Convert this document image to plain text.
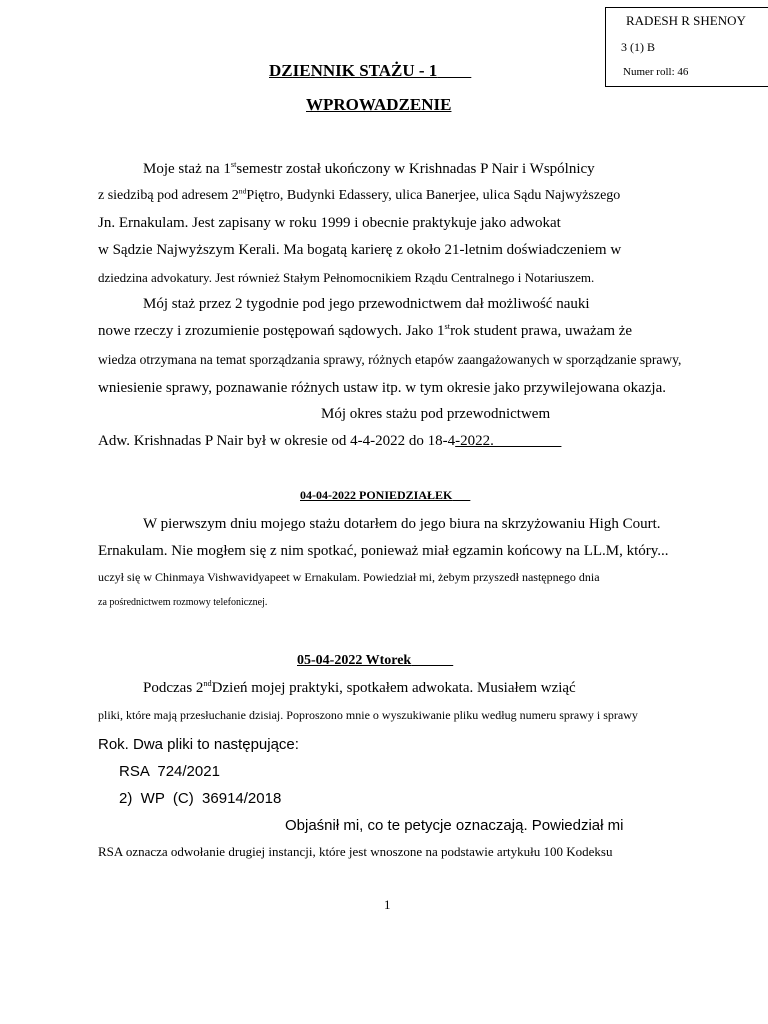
RADESH R SHENOY
3 (1) B
Numer roll: 46
DZIENNIK STAŻU - 1
WPROWADZENIE
Moje staż na 1stsemestr został ukończony w Krishnadas P Nair i Wspólnicy
z siedzibą pod adresem 2ndPiętro, Budynki Edassery, ulica Banerjee, ulica Sądu Najwyższego
Jn. Ernakulam. Jest zapisany w roku 1999 i obecnie praktykuje jako adwokat
w Sądzie Najwyższym Kerali. Ma bogatą karierę z około 21-letnim doświadczeniem w
dziedzina advokatury. Jest również Stałym Pełnomocnikiem Rządu Centralnego i Notariuszem.
Mój staż przez 2 tygodnie pod jego przewodnictwem dał możliwość nauki
nowe rzeczy i zrozumienie postępowań sądowych. Jako 1strok student prawa, uważam że
wiedza otrzymana na temat sporządzania sprawy, różnych etapów zaangażowanych w sporządzanie sprawy,
wniesienie sprawy, poznawanie różnych ustaw itp. w tym okresie jako przywilejowana okazja.
Mój okres stażu pod przewodnictwem
Adw. Krishnadas P Nair był w okresie od 4-4-2022 do 18-4-2022.
04-04-2022 PONIEDZIAŁEK
W pierwszym dniu mojego stażu dotarłem do jego biura na skrzyżowaniu High Court.
Ernakulam. Nie mogłem się z nim spotkać, ponieważ miał egzamin końcowy na LL.M, który...
uczył się w Chinmaya Vishwavidyapeet w Ernakulam. Powiedział mi, żebym przyszedł następnego dnia
za pośrednictwem rozmowy telefonicznej.
05-04-2022 Wtorek
Podczas 2ndDzień mojej praktyki, spotkałem adwokata. Musiałem wziąć
pliki, które mają przesłuchanie dzisiaj. Poproszono mnie o wyszukiwanie pliku według numeru sprawy i sprawy
Rok. Dwa pliki to następujące:
RSA  724/2021
2)  WP  (C)  36914/2018
Objaśnił mi, co te petycje oznaczają. Powiedział mi
RSA oznacza odwołanie drugiej instancji, które jest wnoszone na podstawie artykułu 100 Kodeksu
1
